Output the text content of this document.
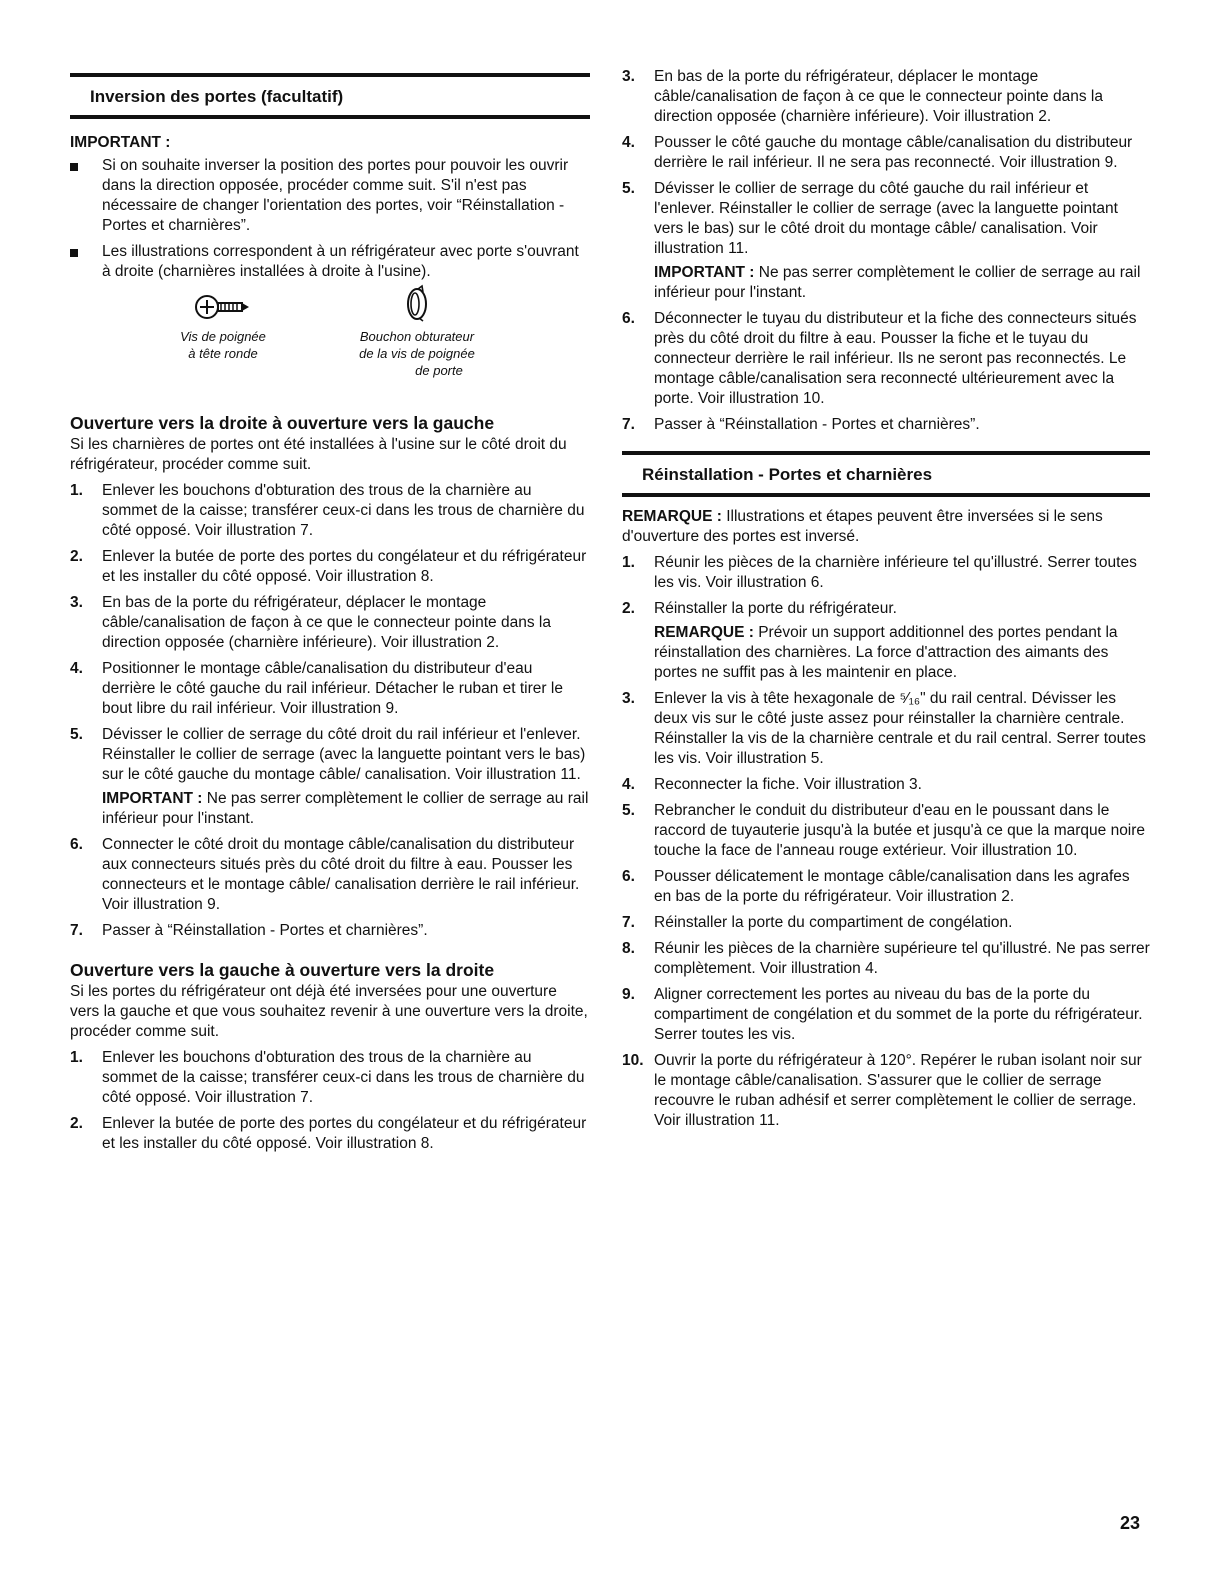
Inversion des portes (facultatif)
IMPORTANT :
Si on souhaite inverser la position des portes pour pouvoir les ouvrir dans la direction opposée, procéder comme suit. S'il n'est pas nécessaire de changer l'orientation des portes, voir “Réinstallation - Portes et charnières”.
Les illustrations correspondent à un réfrigérateur avec porte s'ouvrant à droite (charnières installées à droite à l'usine).
Vis de poignée
à tête ronde
Bouchon obturateur
de la vis de poignée
de porte
Ouverture vers la droite à ouverture vers la gauche

Si les charnières de portes ont été installées à l'usine sur le côté droit du réfrigérateur, procéder comme suit.

1. Enlever les bouchons d'obturation des trous de la charnière au sommet de la caisse; transférer ceux-ci dans les trous de charnière du côté opposé. Voir illustration 7.
2. Enlever la butée de porte des portes du congélateur et du réfrigérateur et les installer du côté opposé. Voir illustration 8.
3. En bas de la porte du réfrigérateur, déplacer le montage câble/canalisation de façon à ce que le connecteur pointe dans la direction opposée (charnière inférieure). Voir illustration 2.
4. Positionner le montage câble/canalisation du distributeur d'eau derrière le côté gauche du rail inférieur. Détacher le ruban et tirer le bout libre du rail inférieur. Voir illustration 9.
5. Dévisser le collier de serrage du côté droit du rail inférieur et l'enlever. Réinstaller le collier de serrage (avec la languette pointant vers le bas) sur le côté gauche du montage câble/ canalisation. Voir illustration 11.
IMPORTANT : Ne pas serrer complètement le collier de serrage au rail inférieur pour l'instant.
6. Connecter le côté droit du montage câble/canalisation du distributeur aux connecteurs situés près du côté droit du filtre à eau. Pousser les connecteurs et le montage câble/ canalisation derrière le rail inférieur. Voir illustration 9.
7. Passer à “Réinstallation - Portes et charnières”.
Ouverture vers la gauche à ouverture vers la droite

Si les portes du réfrigérateur ont déjà été inversées pour une ouverture vers la gauche et que vous souhaitez revenir à une ouverture vers la droite, procéder comme suit.

1. Enlever les bouchons d'obturation des trous de la charnière au sommet de la caisse; transférer ceux-ci dans les trous de charnière du côté opposé. Voir illustration 7.
2. Enlever la butée de porte des portes du congélateur et du réfrigérateur et les installer du côté opposé. Voir illustration 8.
3. En bas de la porte du réfrigérateur, déplacer le montage câble/canalisation de façon à ce que le connecteur pointe dans la direction opposée (charnière inférieure). Voir illustration 2.
4. Pousser le côté gauche du montage câble/canalisation du distributeur derrière le rail inférieur. Il ne sera pas reconnecté. Voir illustration 9.
5. Dévisser le collier de serrage du côté gauche du rail inférieur et l'enlever. Réinstaller le collier de serrage (avec la languette pointant vers le bas) sur le côté droit du montage câble/ canalisation. Voir illustration 11.
IMPORTANT : Ne pas serrer complètement le collier de serrage au rail inférieur pour l'instant.
6. Déconnecter le tuyau du distributeur et la fiche des connecteurs situés près du côté droit du filtre à eau. Pousser la fiche et le tuyau du connecteur derrière le rail inférieur. Ils ne seront pas reconnectés. Le montage câble/canalisation sera reconnecté ultérieurement avec la porte. Voir illustration 10.
7. Passer à “Réinstallation - Portes et charnières”.
Réinstallation - Portes et charnières

REMARQUE : Illustrations et étapes peuvent être inversées si le sens d'ouverture des portes est inversé.

1. Réunir les pièces de la charnière inférieure tel qu'illustré. Serrer toutes les vis. Voir illustration 6.
2. Réinstaller la porte du réfrigérateur.
REMARQUE : Prévoir un support additionnel des portes pendant la réinstallation des charnières. La force d'attraction des aimants des portes ne suffit pas à les maintenir en place.
3. Enlever la vis à tête hexagonale de ⁵⁄₁₆" du rail central. Dévisser les deux vis sur le côté juste assez pour réinstaller la charnière centrale. Réinstaller la vis de la charnière centrale et du rail central. Serrer toutes les vis. Voir illustration 5.
4. Reconnecter la fiche. Voir illustration 3.
5. Rebrancher le conduit du distributeur d'eau en le poussant dans le raccord de tuyauterie jusqu'à la butée et jusqu'à ce que la marque noire touche la face de l'anneau rouge extérieur. Voir illustration 10.
6. Pousser délicatement le montage câble/canalisation dans les agrafes en bas de la porte du réfrigérateur. Voir illustration 2.
7. Réinstaller la porte du compartiment de congélation.
8. Réunir les pièces de la charnière supérieure tel qu'illustré. Ne pas serrer complètement. Voir illustration 4.
9. Aligner correctement les portes au niveau du bas de la porte du compartiment de congélation et du sommet de la porte du réfrigérateur. Serrer toutes les vis.
10. Ouvrir la porte du réfrigérateur à 120°. Repérer le ruban isolant noir sur le montage câble/canalisation. S'assurer que le collier de serrage recouvre le ruban adhésif et serrer complètement le collier de serrage. Voir illustration 11.
23
